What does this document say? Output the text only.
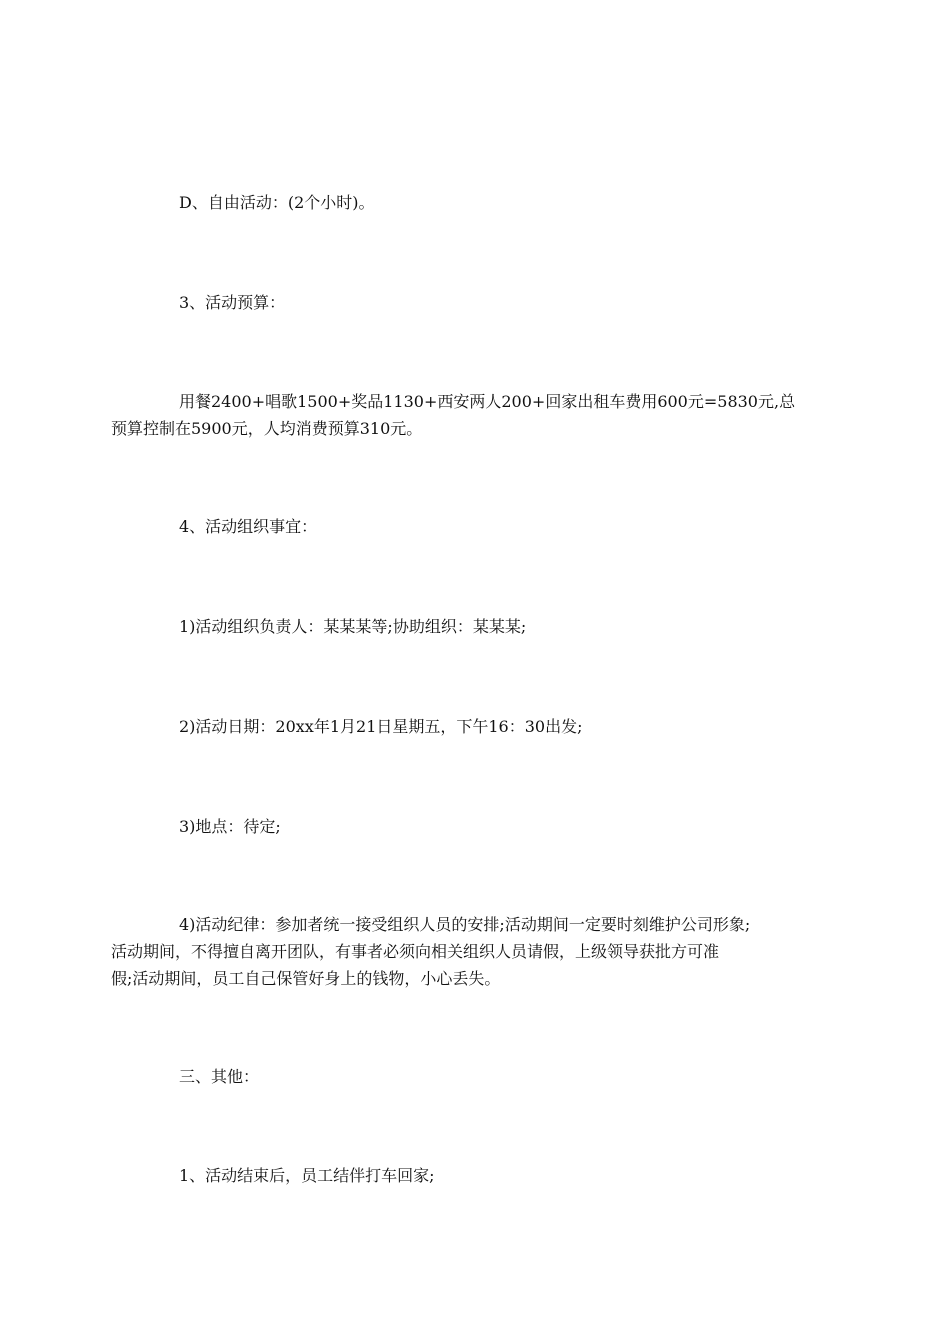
D、自由活动：(2个小时)。

3、活动预算：

用餐2400+唱歌1500+奖品1130+西安两人200+回家出租车费用600元=5830元,总
预算控制在5900元，人均消费预算310元。

4、活动组织事宜：

1)活动组织负责人：某某某等;协助组织：某某某;

2)活动日期：20xx年1月21日星期五，下午16：30出发;

3)地点：待定;

4)活动纪律：参加者统一接受组织人员的安排;活动期间一定要时刻维护公司形象;
活动期间，不得擅自离开团队，有事者必须向相关组织人员请假，上级领导获批方可准
假;活动期间，员工自己保管好身上的钱物，小心丢失。

三、其他：

1、活动结束后，员工结伴打车回家;
